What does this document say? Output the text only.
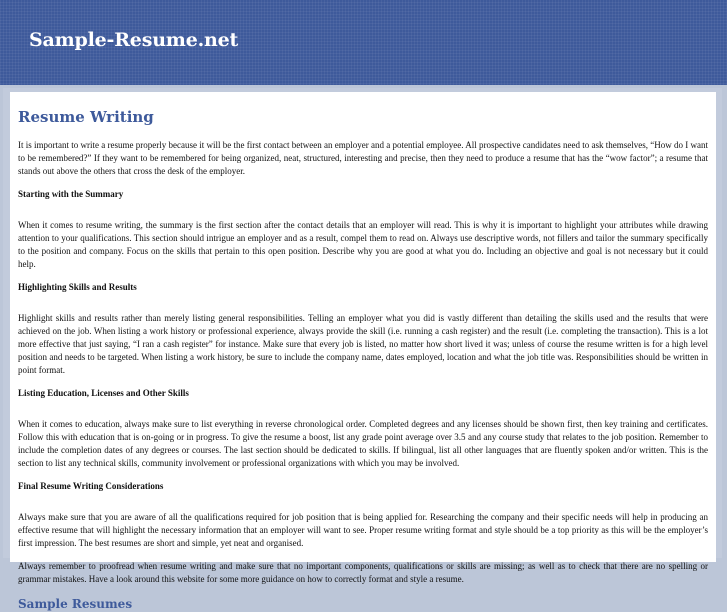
Sample-Resume.net
Resume Writing

It is important to write a resume properly because it will be the first contact between an employer and a potential employee. All prospective candidates need to ask themselves, “How do I want to be remembered?” If they want to be remembered for being organized, neat, structured, interesting and precise, then they need to produce a resume that has the “wow factor”; a resume that stands out above the others that cross the desk of the employer.

Starting with the Summary

When it comes to resume writing, the summary is the first section after the contact details that an employer will read. This is why it is important to highlight your attributes while drawing attention to your qualifications. This section should intrigue an employer and as a result, compel them to read on. Always use descriptive words, not fillers and tailor the summary specifically to the position and company. Focus on the skills that pertain to this open position. Describe why you are good at what you do. Including an objective and goal is not necessary but it could help.

Highlighting Skills and Results

Highlight skills and results rather than merely listing general responsibilities. Telling an employer what you did is vastly different than detailing the skills used and the results that were achieved on the job. When listing a work history or professional experience, always provide the skill (i.e. running a cash register) and the result (i.e. completing the transaction). This is a lot more effective that just saying, “I ran a cash register” for instance. Make sure that every job is listed, no matter how short lived it was; unless of course the resume written is for a high level position and needs to be targeted. When listing a work history, be sure to include the company name, dates employed, location and what the job title was. Responsibilities should be written in point format.

Listing Education, Licenses and Other Skills

When it comes to education, always make sure to list everything in reverse chronological order. Completed degrees and any licenses should be shown first, then key training and certificates. Follow this with education that is on-going or in progress. To give the resume a boost, list any grade point average over 3.5 and any course study that relates to the job position. Remember to include the completion dates of any degrees or courses. The last section should be dedicated to skills. If bilingual, list all other languages that are fluently spoken and/or written. This is the section to list any technical skills, community involvement or professional organizations with which you may be involved.

Final Resume Writing Considerations

Always make sure that you are aware of all the qualifications required for job position that is being applied for. Researching the company and their specific needs will help in producing an effective resume that will highlight the necessary information that an employer will want to see. Proper resume writing format and style should be a top priority as this will be the employer’s first impression. The best resumes are short and simple, yet neat and organised.

Always remember to proofread when resume writing and make sure that no important components, qualifications or skills are missing; as well as to check that there are no spelling or grammar mistakes. Have a look around this website for some more guidance on how to correctly format and style a resume.

Sample Resumes
